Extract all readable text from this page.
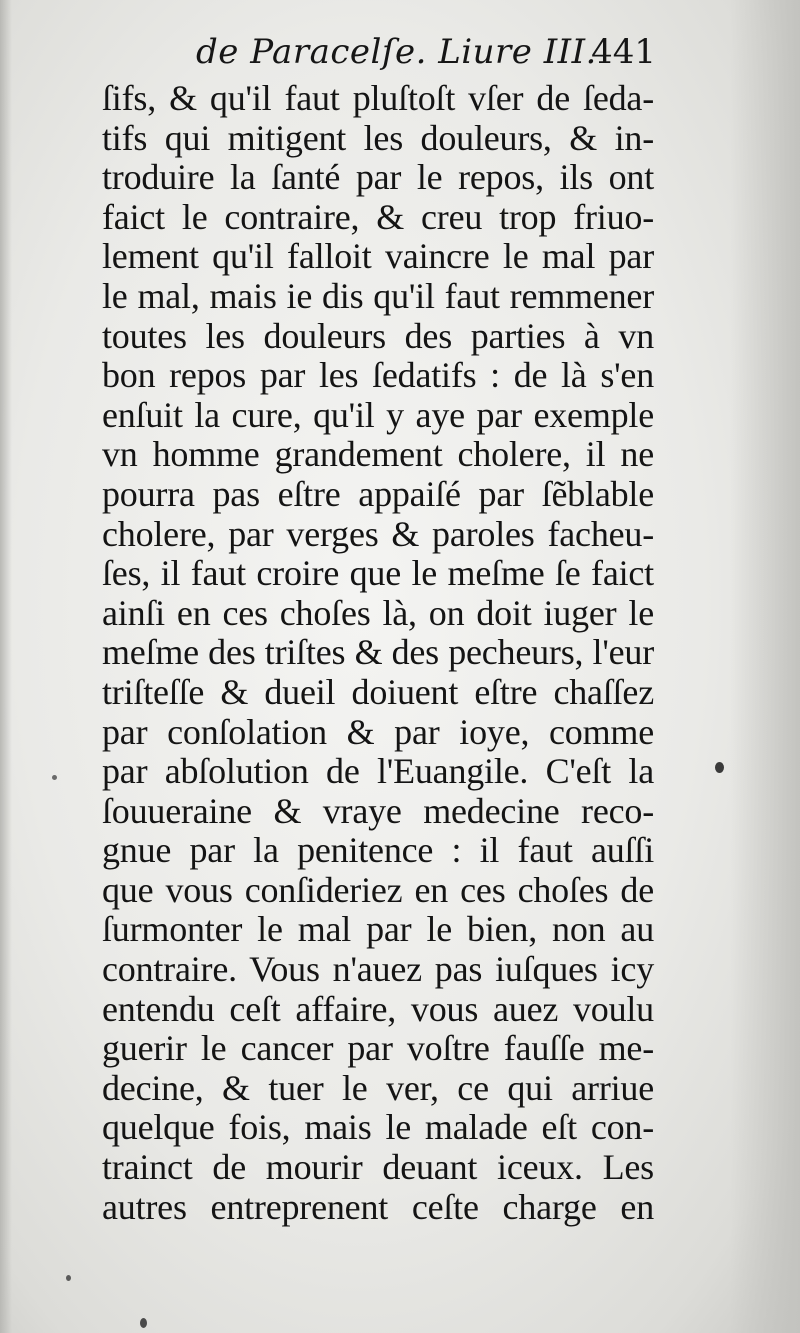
de Paracelſe. Liure III.
441
ſifs, & qu'il faut pluſtoſt vſer de ſeda-
tifs qui mitigent les douleurs, & in-
troduire la ſanté par le repos, ils ont
faict le contraire, & creu trop friuo-
lement qu'il falloit vaincre le mal par
le mal, mais ie dis qu'il faut remmener
toutes les douleurs des parties à vn
bon repos par les ſedatifs : de là s'en
enſuit la cure, qu'il y aye par exemple
vn homme grandement cholere, il ne
pourra pas eſtre appaiſé par ſẽblable
cholere, par verges & paroles facheu-
ſes, il faut croire que le meſme ſe faict
ainſi en ces choſes là, on doit iuger le
meſme des triſtes & des pecheurs, l'eur
triſteſſe & dueil doiuent eſtre chaſſez
par conſolation & par ioye, comme
par abſolution de l'Euangile. C'eſt la
ſouueraine & vraye medecine reco-
gnue par la penitence : il faut auſſi
que vous conſideriez en ces choſes de
ſurmonter le mal par le bien, non au
contraire. Vous n'auez pas iuſques icy
entendu ceſt affaire, vous auez voulu
guerir le cancer par voſtre fauſſe me-
decine, & tuer le ver, ce qui arriue
quelque fois, mais le malade eſt con-
trainct de mourir deuant iceux. Les
autres entreprenent ceſte charge en
